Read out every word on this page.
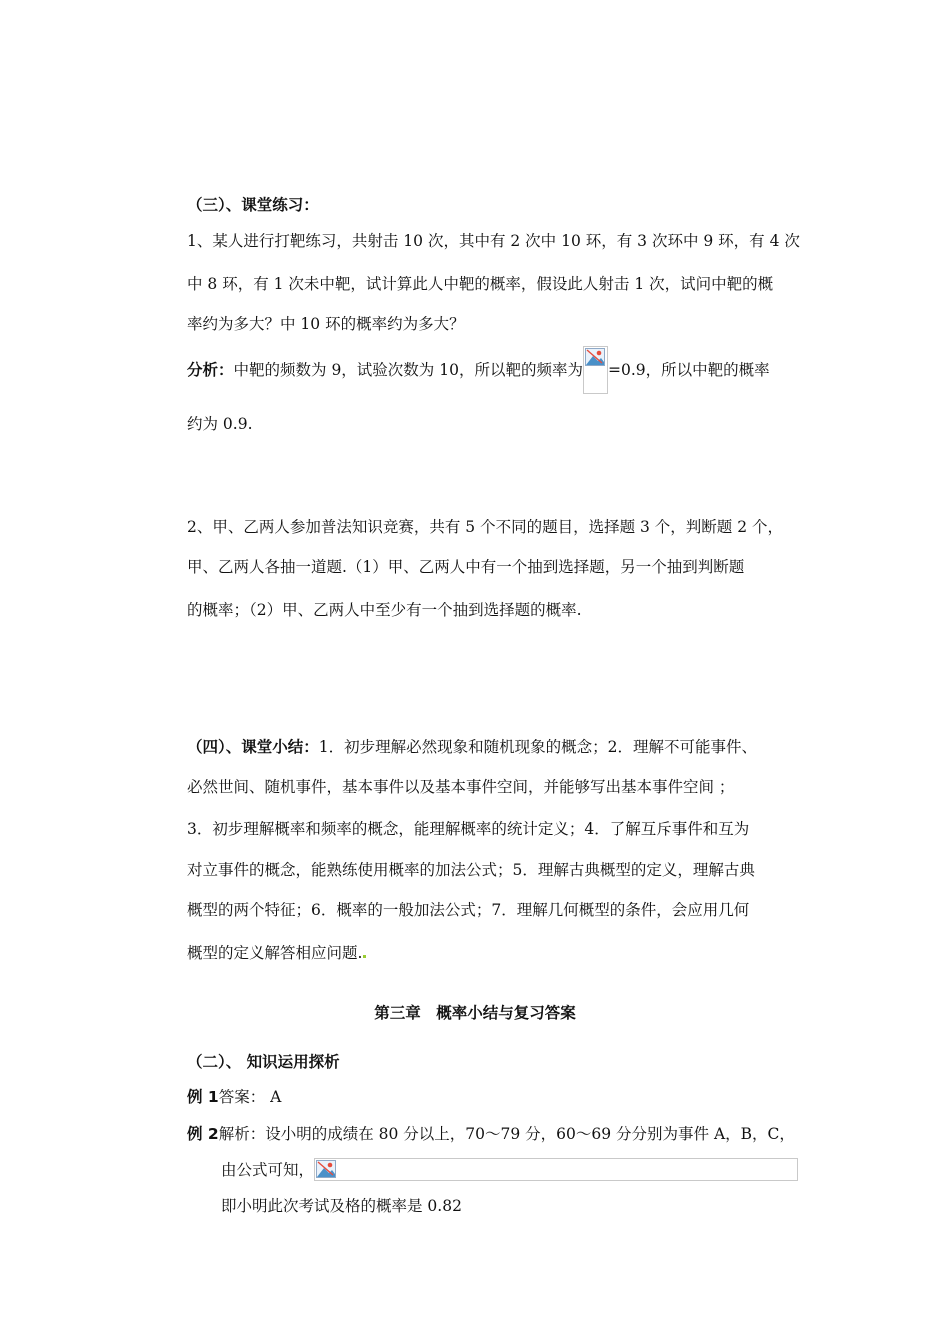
（三）、课堂练习：
1、某人进行打靶练习，共射击 10 次，其中有 2 次中 10 环，有 3 次环中 9 环，有 4 次
中 8 环，有 1 次未中靶，试计算此人中靶的概率，假设此人射击 1 次，试问中靶的概
率约为多大？中 10 环的概率约为多大？
分析：中靶的频数为 9，试验次数为 10，所以靶的频率为 =0.9，所以中靶的概率
约为 0.9.
2、甲、乙两人参加普法知识竞赛，共有 5 个不同的题目，选择题 3 个，判断题 2 个，
甲、乙两人各抽一道题.（1）甲、乙两人中有一个抽到选择题，另一个抽到判断题
的概率；（2）甲、乙两人中至少有一个抽到选择题的概率.
（四）、课堂小结：1．初步理解必然现象和随机现象的概念；2．理解不可能事件、
必然世间、随机事件，基本事件以及基本事件空间，并能够写出基本事件空间 ；
3．初步理解概率和频率的概念，能理解概率的统计定义；4．了解互斥事件和互为
对立事件的概念，能熟练使用概率的加法公式；5．理解古典概型的定义，理解古典
概型的两个特征；6．概率的一般加法公式；7．理解几何概型的条件，会应用几何
概型的定义解答相应问题.
第三章　概率小结与复习答案
（二）、 知识运用探析
例 1答案： A
例 2解析：设小明的成绩在 80 分以上，70～79 分，60～69 分分别为事件 A，B，C，
由公式可知，
即小明此次考试及格的概率是 0.82
